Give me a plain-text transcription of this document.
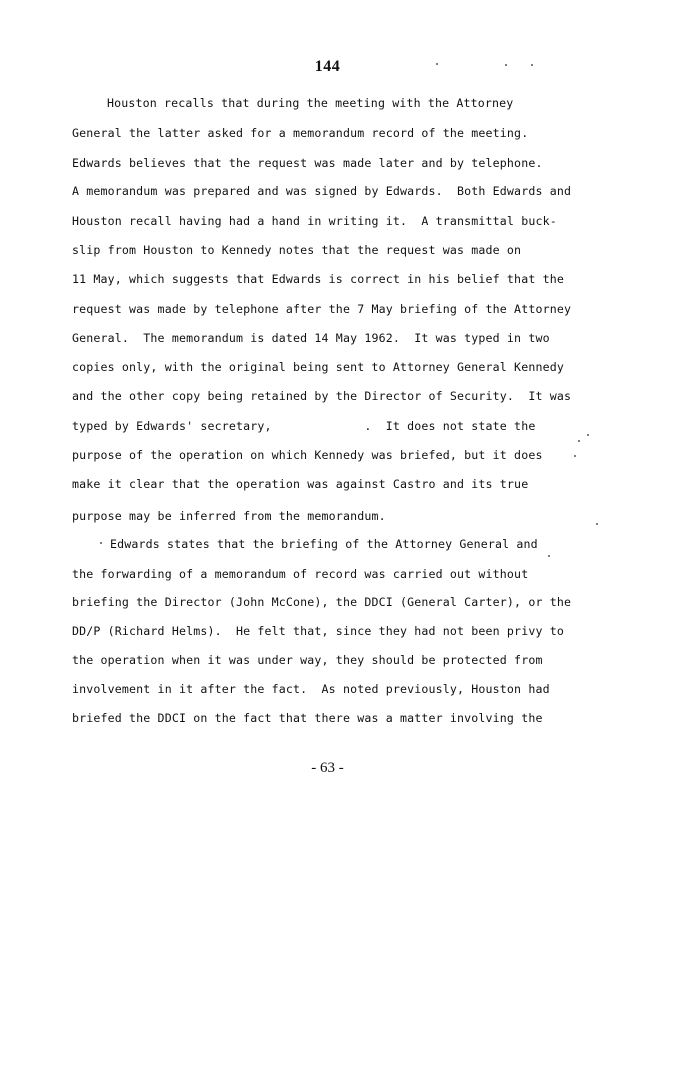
144
Houston recalls that during the meeting with the Attorney
General the latter asked for a memorandum record of the meeting.
Edwards believes that the request was made later and by telephone.
A memorandum was prepared and was signed by Edwards.  Both Edwards and
Houston recall having had a hand in writing it.  A transmittal buck-
slip from Houston to Kennedy notes that the request was made on
11 May, which suggests that Edwards is correct in his belief that the
request was made by telephone after the 7 May briefing of the Attorney
General.  The memorandum is dated 14 May 1962.  It was typed in two
copies only, with the original being sent to Attorney General Kennedy
and the other copy being retained by the Director of Security.  It was
typed by Edwards' secretary,             .  It does not state the
purpose of the operation on which Kennedy was briefed, but it does
make it clear that the operation was against Castro and its true
purpose may be inferred from the memorandum.
Edwards states that the briefing of the Attorney General and
the forwarding of a memorandum of record was carried out without
briefing the Director (John McCone), the DDCI (General Carter), or the
DD/P (Richard Helms).  He felt that, since they had not been privy to
the operation when it was under way, they should be protected from
involvement in it after the fact.  As noted previously, Houston had
briefed the DDCI on the fact that there was a matter involving the
- 63 -
